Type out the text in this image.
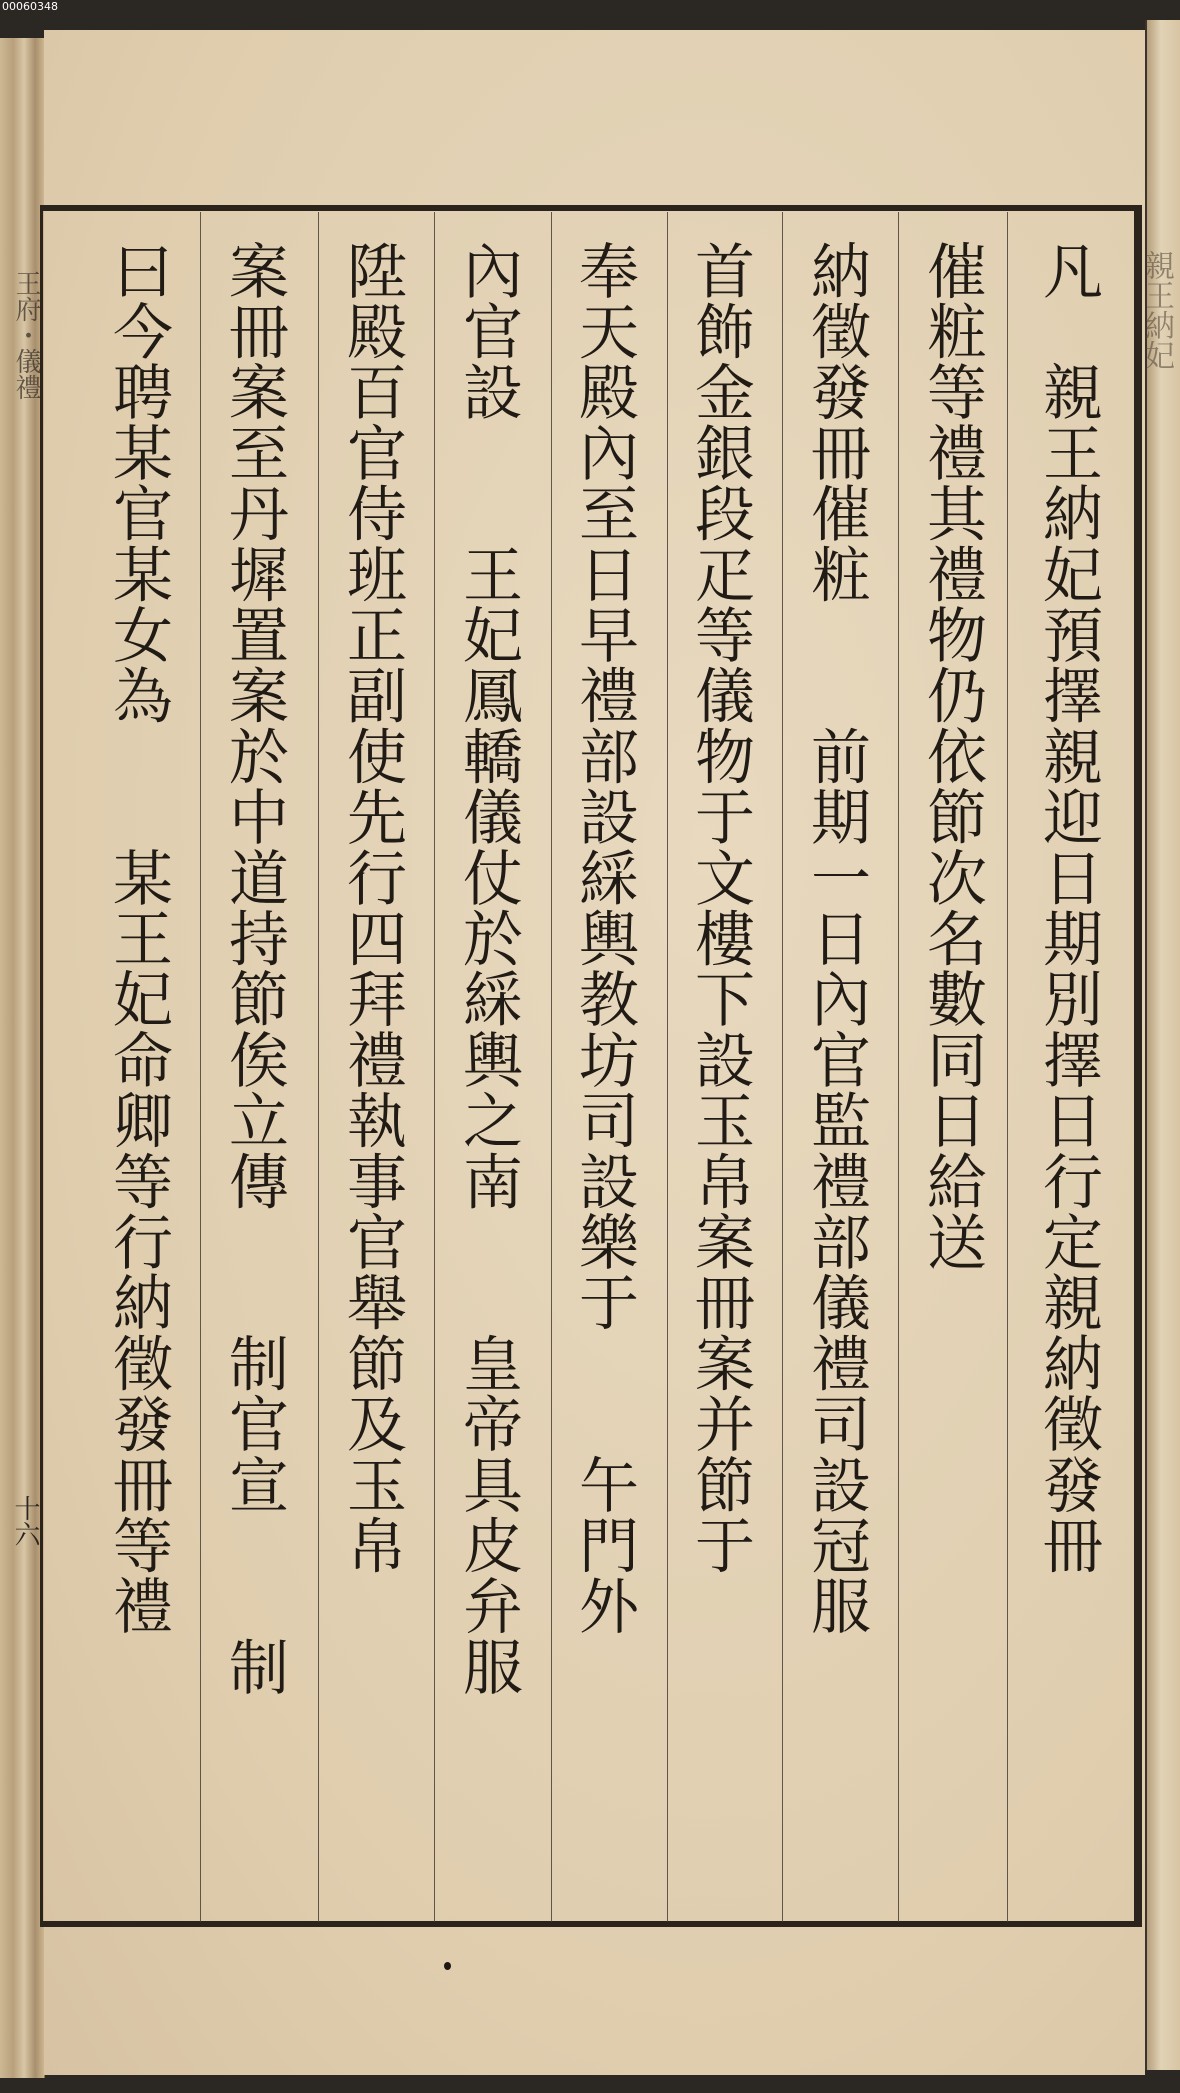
00060348
王府・儀禮
十六
親王納妃
凡　親王納妃預擇親迎日期別擇日行定親納徵發冊
催粧等禮其禮物仍依節次名數同日給送
納徵發冊催粧　　前期一日內官監禮部儀禮司設冠服
首飾金銀段疋等儀物于文樓下設玉帛案冊案并節于
奉天殿內至日早禮部設綵輿教坊司設樂于　　午門外
內官設　　王妃鳳轎儀仗於綵輿之南　　皇帝具皮弁服
陞殿百官侍班正副使先行四拜禮執事官舉節及玉帛
案冊案至丹墀置案於中道持節俟立傳　　制官宣　　制
曰今聘某官某女為　　某王妃命卿等行納徵發冊等禮
